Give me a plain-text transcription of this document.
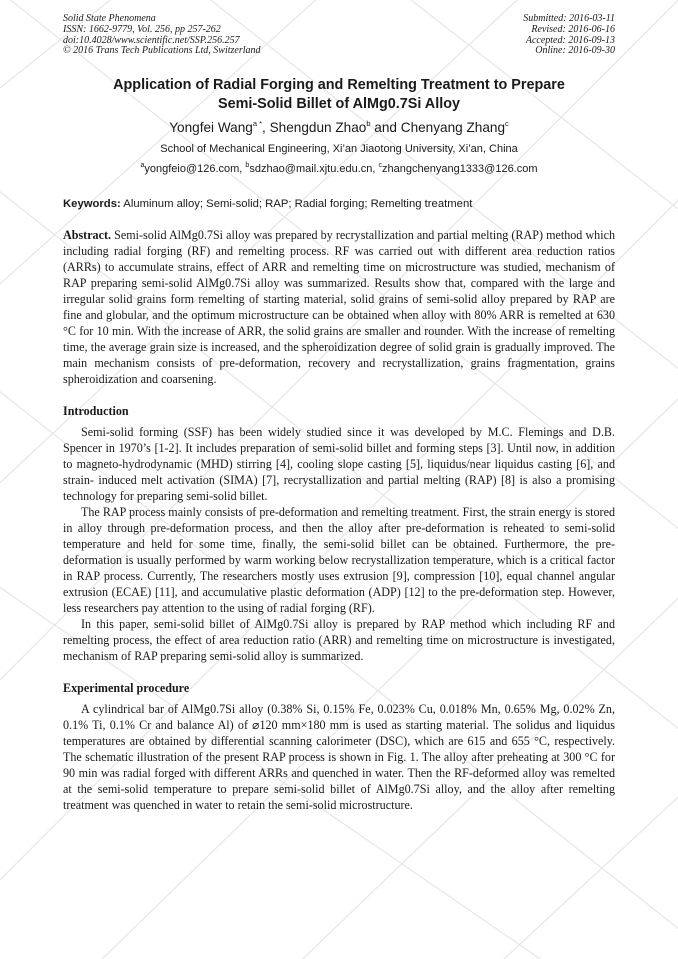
Solid State Phenomena
ISSN: 1662-9779, Vol. 256, pp 257-262
doi:10.4028/www.scientific.net/SSP.256.257
© 2016 Trans Tech Publications Ltd, Switzerland
Submitted: 2016-03-11
Revised: 2016-06-16
Accepted: 2016-09-13
Online: 2016-09-30
Application of Radial Forging and Remelting Treatment to Prepare
Semi-Solid Billet of AlMg0.7Si Alloy
Yongfei Wang$^{a *}$, Shengdun Zhao$^b$ and Chenyang Zhang$^c$
School of Mechanical Engineering, Xi’an Jiaotong University, Xi’an, China
$^a$yongfeio@126.com, $^b$sdzhao@mail.xjtu.edu.cn, $^c$zhangchenyang1333@126.com
Keywords: Aluminum alloy; Semi-solid; RAP; Radial forging; Remelting treatment
Abstract. Semi-solid AlMg0.7Si alloy was prepared by recrystallization and partial melting (RAP) method which including radial forging (RF) and remelting process. RF was carried out with different area reduction ratios (ARRs) to accumulate strains, effect of ARR and remelting time on microstructure was studied, mechanism of RAP preparing semi-solid AlMg0.7Si alloy was summarized. Results show that, compared with the large and irregular solid grains form remelting of starting material, solid grains of semi-solid alloy prepared by RAP are fine and globular, and the optimum microstructure can be obtained when alloy with 80% ARR is remelted at 630 °C for 10 min. With the increase of ARR, the solid grains are smaller and rounder. With the increase of remelting time, the average grain size is increased, and the spheroidization degree of solid grain is gradually improved. The main mechanism consists of pre-deformation, recovery and recrystallization, grains fragmentation, grains spheroidization and coarsening.
Introduction

Semi-solid forming (SSF) has been widely studied since it was developed by M.C. Flemings and D.B. Spencer in 1970’s [1-2]. It includes preparation of semi-solid billet and forming steps [3]. Until now, in addition to magneto-hydrodynamic (MHD) stirring [4], cooling slope casting [5], liquidus/near liquidus casting [6], and strain- induced melt activation (SIMA) [7], recrystallization and partial melting (RAP) [8] is also a promising technology for preparing semi-solid billet.

The RAP process mainly consists of pre-deformation and remelting treatment. First, the strain energy is stored in alloy through pre-deformation process, and then the alloy after pre-deformation is reheated to semi-solid temperature and held for some time, finally, the semi-solid billet can be obtained. Furthermore, the pre-deformation is usually performed by warm working below recrystallization temperature, which is a critical factor in RAP process. Currently, The researchers mostly uses extrusion [9], compression [10], equal channel angular extrusion (ECAE) [11], and accumulative plastic deformation (ADP) [12] to the pre-deformation step. However, less researchers pay attention to the using of radial forging (RF).

In this paper, semi-solid billet of AlMg0.7Si alloy is prepared by RAP method which including RF and remelting process, the effect of area reduction ratio (ARR) and remelting time on microstructure is investigated, mechanism of RAP preparing semi-solid alloy is summarized.

Experimental procedure

A cylindrical bar of AlMg0.7Si alloy (0.38% Si, 0.15% Fe, 0.023% Cu, 0.018% Mn, 0.65% Mg, 0.02% Zn, 0.1% Ti, 0.1% Cr and balance Al) of ⌀120 mm×180 mm is used as starting material. The solidus and liquidus temperatures are obtained by differential scanning calorimeter (DSC), which are 615 and 655 °C, respectively. The schematic illustration of the present RAP process is shown in Fig. 1. The alloy after preheating at 300 °C for 90 min was radial forged with different ARRs and quenched in water. Then the RF-deformed alloy was remelted at the semi-solid temperature to prepare semi-solid billet of AlMg0.7Si alloy, and the alloy after remelting treatment was quenched in water to retain the semi-solid microstructure.
